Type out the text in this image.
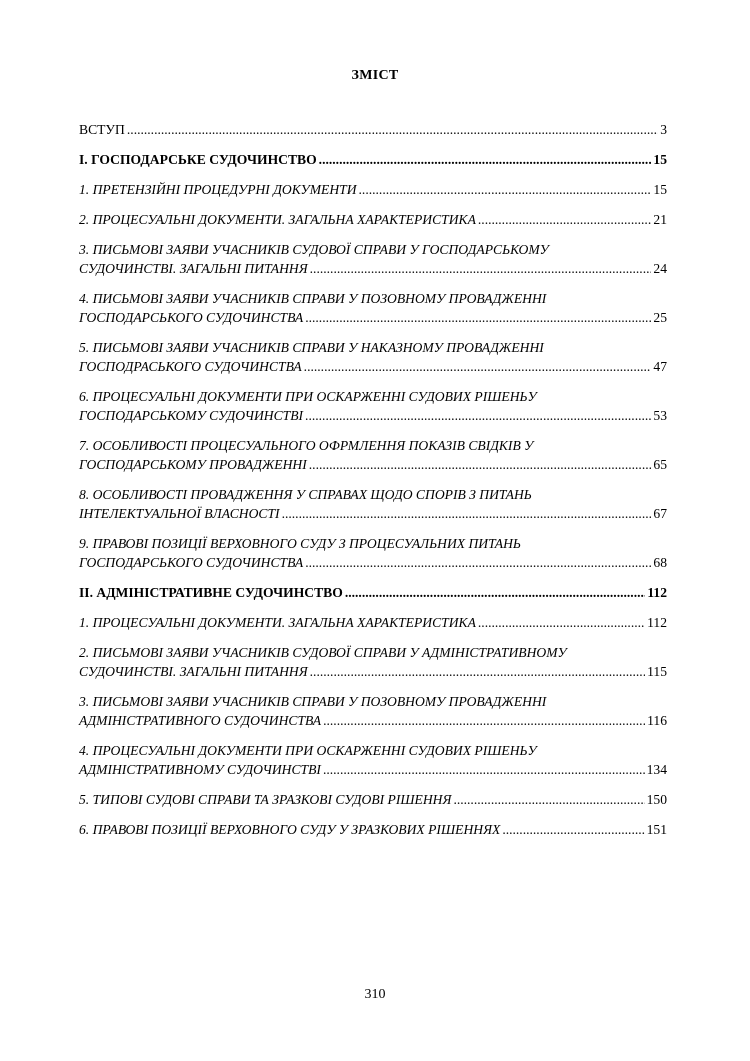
ЗМІСТ
ВСТУП .....	3
І. ГОСПОДАРСЬКЕ СУДОЧИНСТВО .....	15
1. ПРЕТЕНЗІЙНІ ПРОЦЕДУРНІ ДОКУМЕНТИ .....	15
2. ПРОЦЕСУАЛЬНІ ДОКУМЕНТИ. ЗАГАЛЬНА ХАРАКТЕРИСТИКА .....	21
3. ПИСЬМОВІ ЗАЯВИ УЧАСНИКІВ СУДОВОЇ СПРАВИ У ГОСПОДАРСЬКОМУ
СУДОЧИНСТВІ. ЗАГАЛЬНІ ПИТАННЯ .....	24
4. ПИСЬМОВІ ЗАЯВИ УЧАСНИКІВ СПРАВИ У ПОЗОВНОМУ ПРОВАДЖЕННІ
ГОСПОДАРСЬКОГО СУДОЧИНСТВА .....	25
5. ПИСЬМОВІ ЗАЯВИ УЧАСНИКІВ СПРАВИ У НАКАЗНОМУ ПРОВАДЖЕННІ
ГОСПОДРАСЬКОГО СУДОЧИНСТВА .....	47
6. ПРОЦЕСУАЛЬНІ ДОКУМЕНТИ ПРИ ОСКАРЖЕННІ СУДОВИХ РІШЕНЬУ
ГОСПОДАРСЬКОМУ СУДОЧИНСТВІ .....	53
7. ОСОБЛИВОСТІ ПРОЦЕСУАЛЬНОГО ОФРМЛЕННЯ ПОКАЗІВ СВІДКІВ У
ГОСПОДАРСЬКОМУ ПРОВАДЖЕННІ .....	65
8. ОСОБЛИВОСТІ ПРОВАДЖЕННЯ У СПРАВАХ ЩОДО СПОРІВ З ПИТАНЬ
ІНТЕЛЕКТУАЛЬНОЇ ВЛАСНОСТІ .....	67
9. ПРАВОВІ ПОЗИЦІЇ ВЕРХОВНОГО СУДУ З ПРОЦЕСУАЛЬНИХ ПИТАНЬ
ГОСПОДАРСЬКОГО СУДОЧИНСТВА .....	68
ІІ. АДМІНІСТРАТИВНЕ СУДОЧИНСТВО .....	112
1. ПРОЦЕСУАЛЬНІ ДОКУМЕНТИ. ЗАГАЛЬНА ХАРАКТЕРИСТИКА .....	112
2. ПИСЬМОВІ ЗАЯВИ УЧАСНИКІВ СУДОВОЇ СПРАВИ У АДМІНІСТРАТИВНОМУ
СУДОЧИНСТВІ. ЗАГАЛЬНІ ПИТАННЯ .....	115
3. ПИСЬМОВІ ЗАЯВИ УЧАСНИКІВ СПРАВИ У ПОЗОВНОМУ ПРОВАДЖЕННІ
АДМІНІСТРАТИВНОГО СУДОЧИНСТВА .....	116
4. ПРОЦЕСУАЛЬНІ ДОКУМЕНТИ ПРИ ОСКАРЖЕННІ СУДОВИХ РІШЕНЬУ
АДМІНІСТРАТИВНОМУ СУДОЧИНСТВІ .....	134
5. ТИПОВІ СУДОВІ СПРАВИ ТА ЗРАЗКОВІ СУДОВІ РІШЕННЯ .....	150
6. ПРАВОВІ ПОЗИЦІЇ ВЕРХОВНОГО СУДУ У ЗРАЗКОВИХ РІШЕННЯХ .....	151
310
